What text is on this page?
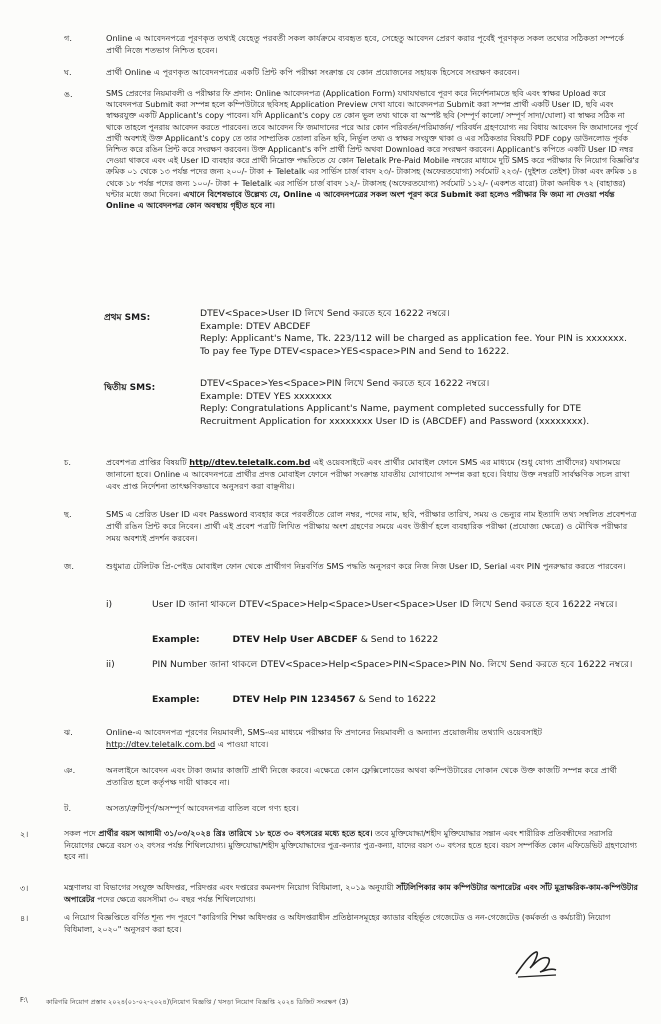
গ.	Online এ আবেদনপত্রে পূরণকৃত তথ্যই যেহেতু পরবর্তী সকল কার্যক্রমে ব্যবহৃত হবে, সেহেতু আবেদন প্রেরণ করার পূর্বেই পূরণকৃত সকল তথ্যের সঠিকতা সম্পর্কে প্রার্থী নিজে শতভাগ নিশ্চিত হবেন।
ঘ.	প্রার্থী Online এ পূরণকৃত আবেদনপত্রের একটি প্রিন্ট কপি পরীক্ষা সংক্রান্ত যে কোন প্রয়োজনের সহায়ক হিসেবে সংরক্ষণ করবেন।
ঙ.	SMS প্রেরণের নিয়মাবলী ও পরীক্ষার ফি প্রদান: Online আবেদনপত্র (Application Form) যথাযথভাবে পূরণ করে নির্দেশনামতে ছবি এবং স্বাক্ষর Upload করে আবেদনপত্র Submit করা সম্পন্ন হলে কম্পিউটারে ছবিসহ Application Preview দেখা যাবে। আবেদনপত্র Submit করা সম্পন্ন প্রার্থী একটি User ID, ছবি এবং স্বাক্ষরযুক্ত একটি Applicant's copy পাবেন। যদি Applicant's copy তে কোন ভুল তথ্য থাকে বা অস্পষ্ট ছবি (সম্পূর্ণ কালো/ সম্পূর্ণ সাদা/ঘোলা) বা স্বাক্ষর সঠিক না থাকে তাহলে পুনরায় আবেদন করতে পারবেন। তবে আবেদন ফি জমাদানের পরে আর কোন পরিবর্তন/পরিমার্জন/ পরিবর্ধন গ্রহণযোগ্য নয় বিধায় আবেদন ফি জমাদানের পূর্বে প্রার্থী অবশ্যই উক্ত Applicant's copy তে তার সাম্প্রতিক তোলা রঙিন ছবি, নির্ভুল তথ্য ও স্বাক্ষর সংযুক্ত থাকা ও এর সঠিকতার বিষয়টি PDF copy ডাউনলোড পূর্বক নিশ্চিত করে রঙিন প্রিন্ট করে সংরক্ষণ করবেন। উক্ত Applicant's কপি প্রার্থী প্রিন্ট অথবা Download করে সংরক্ষণ করবেন। Applicant's কপিতে একটি User ID নম্বর দেওয়া থাকবে এবং এই User ID ব্যবহার করে প্রার্থী নিম্নোক্ত পদ্ধতিতে যে কোন Teletalk Pre-Paid Mobile নম্বরের মাধ্যমে দুটি SMS করে পরীক্ষার ফি নিয়োগ বিজ্ঞপ্তি'র ক্রমিক ০১ থেকে ১৩ পর্যন্ত পদের জন্য ২০০/- টাকা + Teletalk এর সার্ভিস চার্জ বাবদ ২৩/- টাকাসহ (অফেরতযোগ্য) সর্বমোট ২২৩/- (দুইশত তেইশ) টাকা এবং ক্রমিক ১৪ থেকে ১৮ পর্যন্ত পদের জন্য ১০০/- টাকা + Teletalk এর সার্ভিস চার্জ বাবদ ১২/- টাকাসহ (অফেরতযোগ্য) সর্বমোট ১১২/- (একশত বারো) টাকা অনধিক ৭২ (বাহাত্তর) ঘন্টার মধ্যে জমা দিবেন। এখানে বিশেষভাবে উল্লেখ্য যে, Online এ আবেদনপত্রের সকল অংশ পূরণ করে Submit করা হলেও পরীক্ষার ফি জমা না দেওয়া পর্যন্ত Online এ আবেদনপত্র কোন অবস্থায় গৃহীত হবে না।
প্রথম SMS:	DTEV<Space>User ID লিখে Send করতে হবে 16222 নম্বরে।
Example: DTEV ABCDEF
Reply: Applicant's Name, Tk. 223/112 will be charged as application fee. Your PIN is xxxxxxx.
To pay fee Type DTEV<space>YES<space>PIN and Send to 16222.
দ্বিতীয় SMS:	DTEV<Space>Yes<Space>PIN লিখে Send করতে হবে 16222 নম্বরে।
Example: DTEV YES xxxxxxx
Reply: Congratulations Applicant's Name, payment completed successfully for DTE Recruitment Application for xxxxxxxx User ID is (ABCDEF) and Password (xxxxxxxx).
চ.	প্রবেশপত্র প্রাপ্তির বিষয়টি http//dtev.teletalk.com.bd এই ওয়েবসাইটে এবং প্রার্থীর মোবাইল ফোনে SMS এর মাধ্যমে (শুধু যোগ্য প্রার্থীদের) যথাসময়ে জানানো হবে। Online এ আবেদনপত্রে প্রার্থীর প্রদত্ত মোবাইল ফোনে পরীক্ষা সংক্রান্ত যাবতীয় যোগাযোগ সম্পন্ন করা হবে। বিধায় উক্ত নম্বরটি সার্বক্ষণিক সচল রাখা এবং প্রাপ্ত নির্দেশনা তাৎক্ষণিকভাবে অনুসরণ করা বাঞ্ছনীয়।
ছ.	SMS এ প্রেরিত User ID এবং Password ব্যবহার করে পরবর্তীতে রোল নম্বর, পদের নাম, ছবি, পরীক্ষার তারিখ, সময় ও ভেন্যুর নাম ইত্যাদি তথ্য সম্বলিত প্রবেশপত্র প্রার্থী রঙিন প্রিন্ট করে নিবেন। প্রার্থী এই প্রবেশ পত্রটি লিখিত পরীক্ষায় অংশ গ্রহণের সময়ে এবং উত্তীর্ণ হলে ব্যবহারিক পরীক্ষা (প্রযোজ্য ক্ষেত্রে) ও মৌখিক পরীক্ষার সময় অবশ্যই প্রদর্শন করবেন।
জ.	শুধুমাত্র টেলিটক প্রি-পেইড মোবাইল ফোন থেকে প্রার্থীগণ নিম্নবর্ণিত SMS পদ্ধতি অনুসরণ করে নিজ নিজ User ID, Serial এবং PIN পুনরুদ্ধার করতে পারবেন।
i)	User ID জানা থাকলে DTEV<Space>Help<Space>User<Space>User ID লিখে Send করতে হবে 16222 নম্বরে।
Example:	DTEV Help User ABCDEF & Send to 16222
ii)	PIN Number জানা থাকলে DTEV<Space>Help<Space>PIN<Space>PIN No. লিখে Send করতে হবে 16222 নম্বরে।
Example:	DTEV Help PIN 1234567 & Send to 16222
ঝ.	Online-এ আবেদনপত্র পূরণের নিয়মাবলী, SMS-এর মাধ্যমে পরীক্ষার ফি প্রদানের নিয়মাবলী ও অন্যান্য প্রয়োজনীয় তথ্যাদি ওয়েবসাইট http://dtev.teletalk.com.bd এ পাওয়া যাবে।
ঞ.	অনলাইনে আবেদন এবং টাকা জমার কাজটি প্রার্থী নিজে করবে। এক্ষেত্রে কোন ফ্লেক্সিলোডের অথবা কম্পিউটারের দোকান থেকে উক্ত কাজটি সম্পন্ন করে প্রার্থী প্রতারিত হলে কর্তৃপক্ষ দায়ী থাকবে না।
ট.	অসত্য/ত্রুটিপূর্ণ/অসম্পূর্ণ আবেদনপত্র বাতিল বলে গণ্য হবে।
২।	সকল পদে প্রার্থীর বয়স আগামী ৩১/০৩/২০২৪ খ্রিঃ তারিখে ১৮ হতে ৩০ বৎসরের মধ্যে হতে হবে। তবে মুক্তিযোদ্ধা/শহীদ মুক্তিযোদ্ধার সন্তান এবং শারীরিক প্রতিবন্ধীদের সরাসরি নিয়োগের ক্ষেত্রে বয়স ৩২ বৎসর পর্যন্ত শিথিলযোগ্য। মুক্তিযোদ্ধা/শহীদ মুক্তিযোদ্ধাদের পুত্র-কন্যার পুত্র-কন্যা, যাদের বয়স ৩০ বৎসর হতে হবে। বয়স সম্পর্কিত কোন এফিডেভিট গ্রহণযোগ্য হবে না।
৩।	মন্ত্রণালয় বা বিভাগের সংযুক্ত অধিদপ্তর, পরিদপ্তর এবং দপ্তরের কমনপদ নিয়োগ বিধিমালা, ২০১৯ অনুযায়ী সাঁটলিপিকার কাম কম্পিউটার অপারেটর এবং সাঁট মুদ্রাক্ষরিক-কাম-কম্পিউটার অপারেটর পদের ক্ষেত্রে বয়সসীমা ৩০ বছর পর্যন্ত শিথিলযোগ্য।
৪।	এ নিয়োগ বিজ্ঞপ্তিতে বর্ণিত শূন্য পদ পূরণে "কারিগরি শিক্ষা অধিদপ্তর ও অধিদপ্তরাধীন প্রতিষ্ঠানসমূহের ক্যাডার বহির্ভূত গেজেটেড ও নন-গেজেটেড (কর্মকর্তা ও কর্মচারী) নিয়োগ বিধিমালা, ২০২০" অনুসরণ করা হবে।
F:\	কারিগরি নিয়োগ প্রস্তাব ২০২৪(০১-০২-২০২৪)\নিয়োগ বিজ্ঞপ্তি / খসড়া নিয়োগ বিজ্ঞপ্তি ২০২৪ ডিজিট সংরক্ষণ (3)
